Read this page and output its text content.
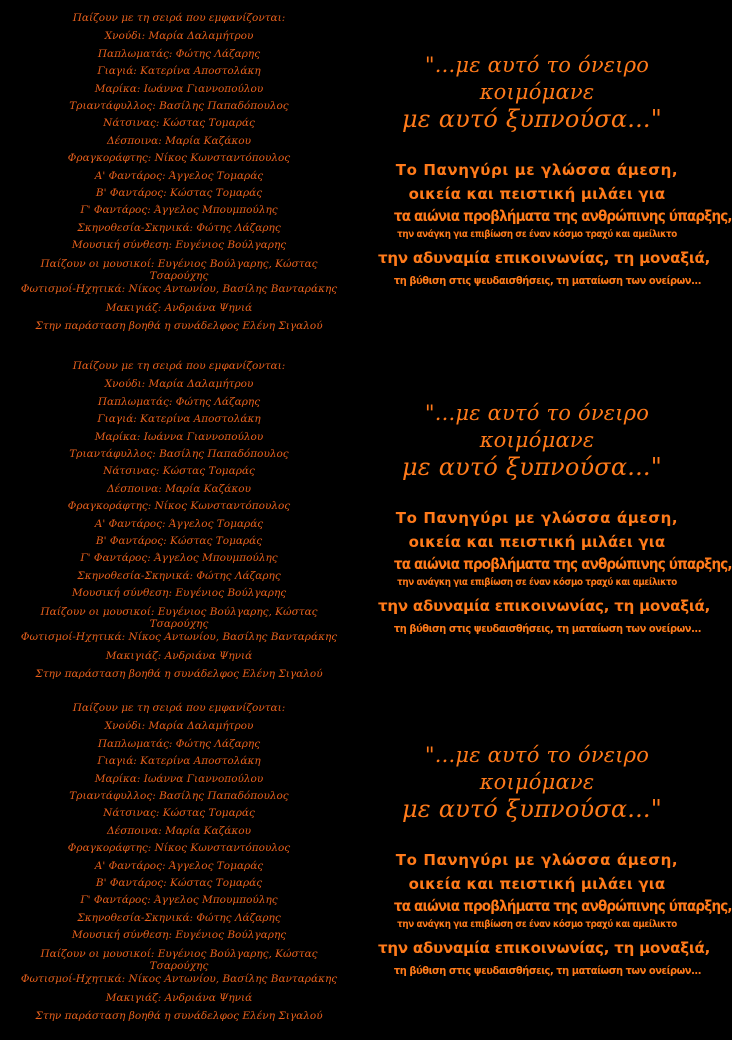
Παίζουν με τη σειρά που εμφανίζονται:
Χνούδι: Μαρία Δαλαμήτρου
Παπλωματάς: Φώτης Λάζαρης
Γιαγιά: Κατερίνα Αποστολάκη
Μαρίκα: Ιωάννα Γιαννοπούλου
Τριαντάφυλλος: Βασίλης Παπαδόπουλος
Νάτσινας: Κώστας Τομαράς
Δέσποινα: Μαρία Καζάκου
Φραγκοράφτης: Νίκος Κωνσταντόπουλος
Α' Φαντάρος: Άγγελος Τομαράς
Β' Φαντάρος: Κώστας Τομαράς
Γ' Φαντάρος: Άγγελος Μπουμπούλης
Σκηνοθεσία-Σκηνικά: Φώτης Λάζαρης
Μουσική σύνθεση: Ευγένιος Βούλγαρης
Παίζουν οι μουσικοί: Ευγένιος Βούλγαρης, Κώστας Τσαρούχης
Φωτισμοί-Ηχητικά: Νίκος Αντωνίου, Βασίλης Βανταράκης
Μακιγιάζ: Ανδριάνα Ψηνιά
Στην παράσταση βοηθά η συνάδελφος Ελένη Σιγαλού
"...με αυτό το όνειρο κοιμόμανε
με αυτό ξυπνούσα..."
Το Πανηγύρι με γλώσσα άμεση,
οικεία και πειστική μιλάει για
τα αιώνια προβλήματα της ανθρώπινης ύπαρξης,
την ανάγκη για επιβίωση σε έναν κόσμο τραχύ και αμείλικτο
την αδυναμία επικοινωνίας, τη μοναξιά,
τη βύθιση στις ψευδαισθήσεις, τη ματαίωση των ονείρων...
Παίζουν με τη σειρά που εμφανίζονται:
Χνούδι: Μαρία Δαλαμήτρου
Παπλωματάς: Φώτης Λάζαρης
Γιαγιά: Κατερίνα Αποστολάκη
Μαρίκα: Ιωάννα Γιαννοπούλου
Τριαντάφυλλος: Βασίλης Παπαδόπουλος
Νάτσινας: Κώστας Τομαράς
Δέσποινα: Μαρία Καζάκου
Φραγκοράφτης: Νίκος Κωνσταντόπουλος
Α' Φαντάρος: Άγγελος Τομαράς
Β' Φαντάρος: Κώστας Τομαράς
Γ' Φαντάρος: Άγγελος Μπουμπούλης
Σκηνοθεσία-Σκηνικά: Φώτης Λάζαρης
Μουσική σύνθεση: Ευγένιος Βούλγαρης
Παίζουν οι μουσικοί: Ευγένιος Βούλγαρης, Κώστας Τσαρούχης
Φωτισμοί-Ηχητικά: Νίκος Αντωνίου, Βασίλης Βανταράκης
Μακιγιάζ: Ανδριάνα Ψηνιά
Στην παράσταση βοηθά η συνάδελφος Ελένη Σιγαλού
"...με αυτό το όνειρο κοιμόμανε
με αυτό ξυπνούσα..."
Το Πανηγύρι με γλώσσα άμεση,
οικεία και πειστική μιλάει για
τα αιώνια προβλήματα της ανθρώπινης ύπαρξης,
την ανάγκη για επιβίωση σε έναν κόσμο τραχύ και αμείλικτο
την αδυναμία επικοινωνίας, τη μοναξιά,
τη βύθιση στις ψευδαισθήσεις, τη ματαίωση των ονείρων...
Παίζουν με τη σειρά που εμφανίζονται:
Χνούδι: Μαρία Δαλαμήτρου
Παπλωματάς: Φώτης Λάζαρης
Γιαγιά: Κατερίνα Αποστολάκη
Μαρίκα: Ιωάννα Γιαννοπούλου
Τριαντάφυλλος: Βασίλης Παπαδόπουλος
Νάτσινας: Κώστας Τομαράς
Δέσποινα: Μαρία Καζάκου
Φραγκοράφτης: Νίκος Κωνσταντόπουλος
Α' Φαντάρος: Άγγελος Τομαράς
Β' Φαντάρος: Κώστας Τομαράς
Γ' Φαντάρος: Άγγελος Μπουμπούλης
Σκηνοθεσία-Σκηνικά: Φώτης Λάζαρης
Μουσική σύνθεση: Ευγένιος Βούλγαρης
Παίζουν οι μουσικοί: Ευγένιος Βούλγαρης, Κώστας Τσαρούχης
Φωτισμοί-Ηχητικά: Νίκος Αντωνίου, Βασίλης Βανταράκης
Μακιγιάζ: Ανδριάνα Ψηνιά
Στην παράσταση βοηθά η συνάδελφος Ελένη Σιγαλού
"...με αυτό το όνειρο κοιμόμανε
με αυτό ξυπνούσα..."
Το Πανηγύρι με γλώσσα άμεση,
οικεία και πειστική μιλάει για
τα αιώνια προβλήματα της ανθρώπινης ύπαρξης,
την ανάγκη για επιβίωση σε έναν κόσμο τραχύ και αμείλικτο
την αδυναμία επικοινωνίας, τη μοναξιά,
τη βύθιση στις ψευδαισθήσεις, τη ματαίωση των ονείρων...
